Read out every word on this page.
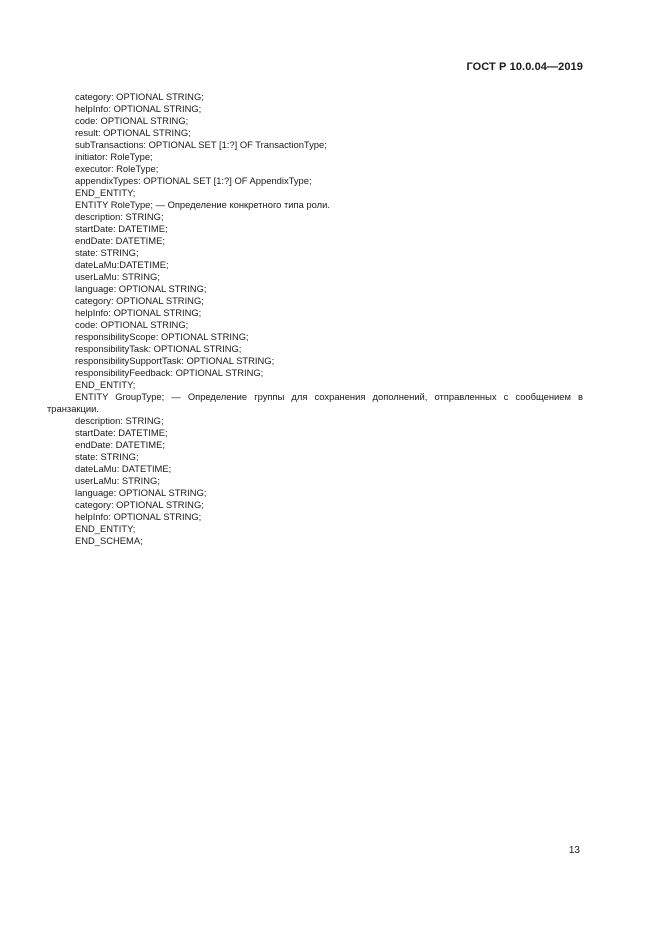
ГОСТ Р 10.0.04—2019
category: OPTIONAL STRING;
helpInfo: OPTIONAL STRING;
code: OPTIONAL STRING;
result: OPTIONAL STRING;
subTransactions: OPTIONAL SET [1:?] OF TransactionType;
initiator: RoleType;
executor: RoleType;
appendixTypes: OPTIONAL SET [1:?] OF AppendixType;
END_ENTITY;
ENTITY RoleType; — Определение конкретного типа роли.
description: STRING;
startDate: DATETIME;
endDate: DATETIME;
state: STRING;
dateLaMu:DATETIME;
userLaMu: STRING;
language: OPTIONAL STRING;
category: OPTIONAL STRING;
helpInfo: OPTIONAL STRING;
code: OPTIONAL STRING;
responsibilityScope: OPTIONAL STRING;
responsibilityTask: OPTIONAL STRING;
responsibilitySupportTask: OPTIONAL STRING;
responsibilityFeedback: OPTIONAL STRING;
END_ENTITY;
ENTITY GroupType; — Определение группы для сохранения дополнений, отправленных с сообщением в транзакции.
description: STRING;
startDate: DATETIME;
endDate: DATETIME;
state: STRING;
dateLaMu: DATETIME;
userLaMu: STRING;
language: OPTIONAL STRING;
category: OPTIONAL STRING;
helpInfo: OPTIONAL STRING;
END_ENTITY;
END_SCHEMA;
13
